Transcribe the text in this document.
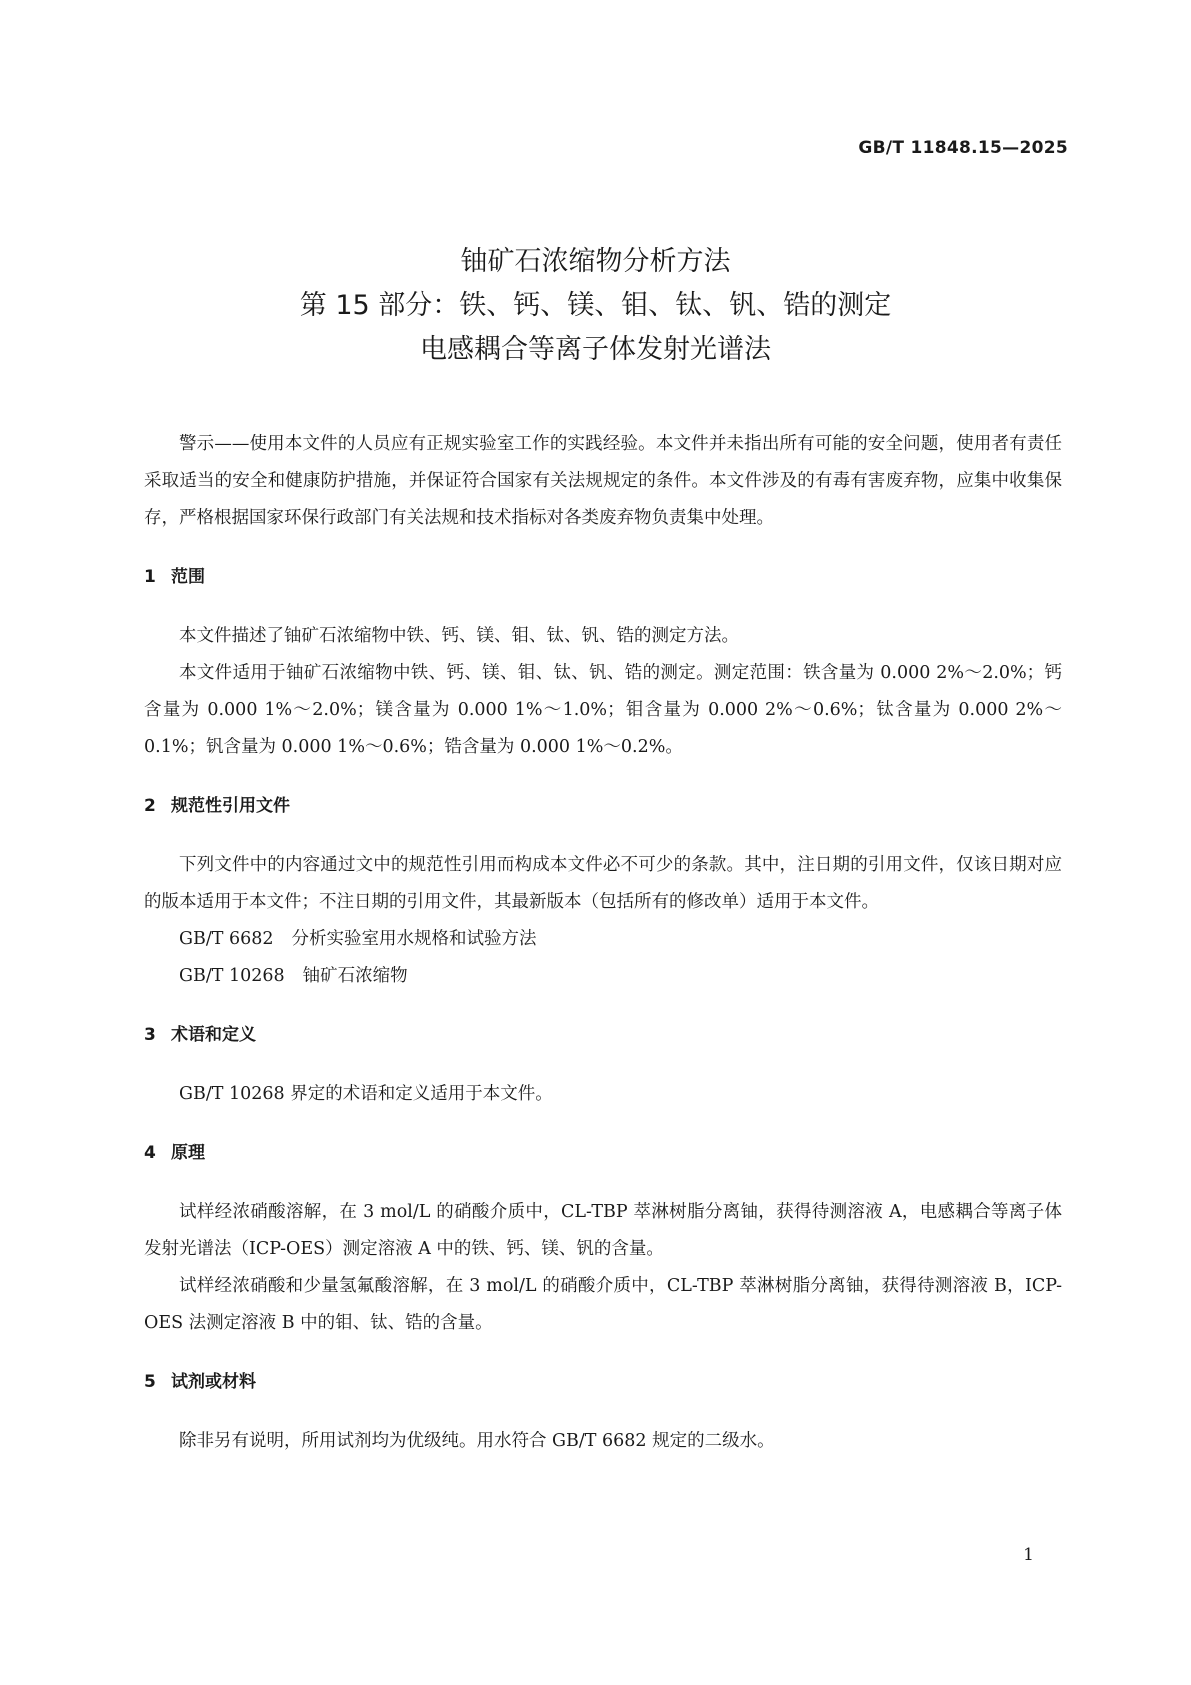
GB/T 11848.15—2025
铀矿石浓缩物分析方法
第 15 部分：铁、钙、镁、钼、钛、钒、锆的测定
电感耦合等离子体发射光谱法

警示——使用本文件的人员应有正规实验室工作的实践经验。本文件并未指出所有可能的安全问题，使用者有责任采取适当的安全和健康防护措施，并保证符合国家有关法规规定的条件。本文件涉及的有毒有害废弃物，应集中收集保存，严格根据国家环保行政部门有关法规和技术指标对各类废弃物负责集中处理。

1 范围

本文件描述了铀矿石浓缩物中铁、钙、镁、钼、钛、钒、锆的测定方法。

本文件适用于铀矿石浓缩物中铁、钙、镁、钼、钛、钒、锆的测定。测定范围：铁含量为 0.000 2%～2.0%；钙含量为 0.000 1%～2.0%；镁含量为 0.000 1%～1.0%；钼含量为 0.000 2%～0.6%；钛含量为 0.000 2%～0.1%；钒含量为 0.000 1%～0.6%；锆含量为 0.000 1%～0.2%。

2 规范性引用文件

下列文件中的内容通过文中的规范性引用而构成本文件必不可少的条款。其中，注日期的引用文件，仅该日期对应的版本适用于本文件；不注日期的引用文件，其最新版本（包括所有的修改单）适用于本文件。

GB/T 6682 分析实验室用水规格和试验方法
GB/T 10268 铀矿石浓缩物
3 术语和定义

GB/T 10268 界定的术语和定义适用于本文件。

4 原理

试样经浓硝酸溶解，在 3 mol/L 的硝酸介质中，CL-TBP 萃淋树脂分离铀，获得待测溶液 A，电感耦合等离子体发射光谱法（ICP-OES）测定溶液 A 中的铁、钙、镁、钒的含量。

试样经浓硝酸和少量氢氟酸溶解，在 3 mol/L 的硝酸介质中，CL-TBP 萃淋树脂分离铀，获得待测溶液 B，ICP-OES 法测定溶液 B 中的钼、钛、锆的含量。

5 试剂或材料

除非另有说明，所用试剂均为优级纯。用水符合 GB/T 6682 规定的二级水。

1
